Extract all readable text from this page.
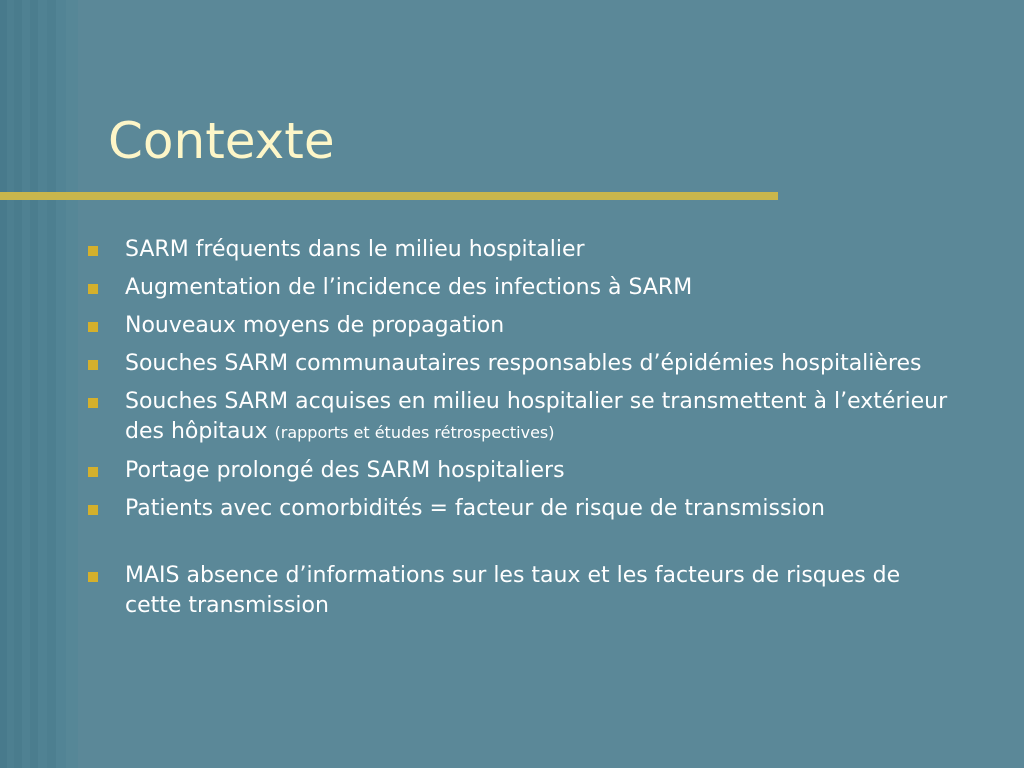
Contexte
SARM fréquents dans le milieu hospitalier
Augmentation de l’incidence des infections à SARM
Nouveaux moyens de propagation
Souches SARM communautaires responsables d’épidémies hospitalières
Souches SARM acquises en milieu hospitalier se transmettent à l’extérieur des hôpitaux (rapports et études rétrospectives)
Portage prolongé des SARM hospitaliers
Patients avec comorbidités = facteur de risque de transmission
MAIS absence d’informations sur les taux et les facteurs de risques de cette transmission
